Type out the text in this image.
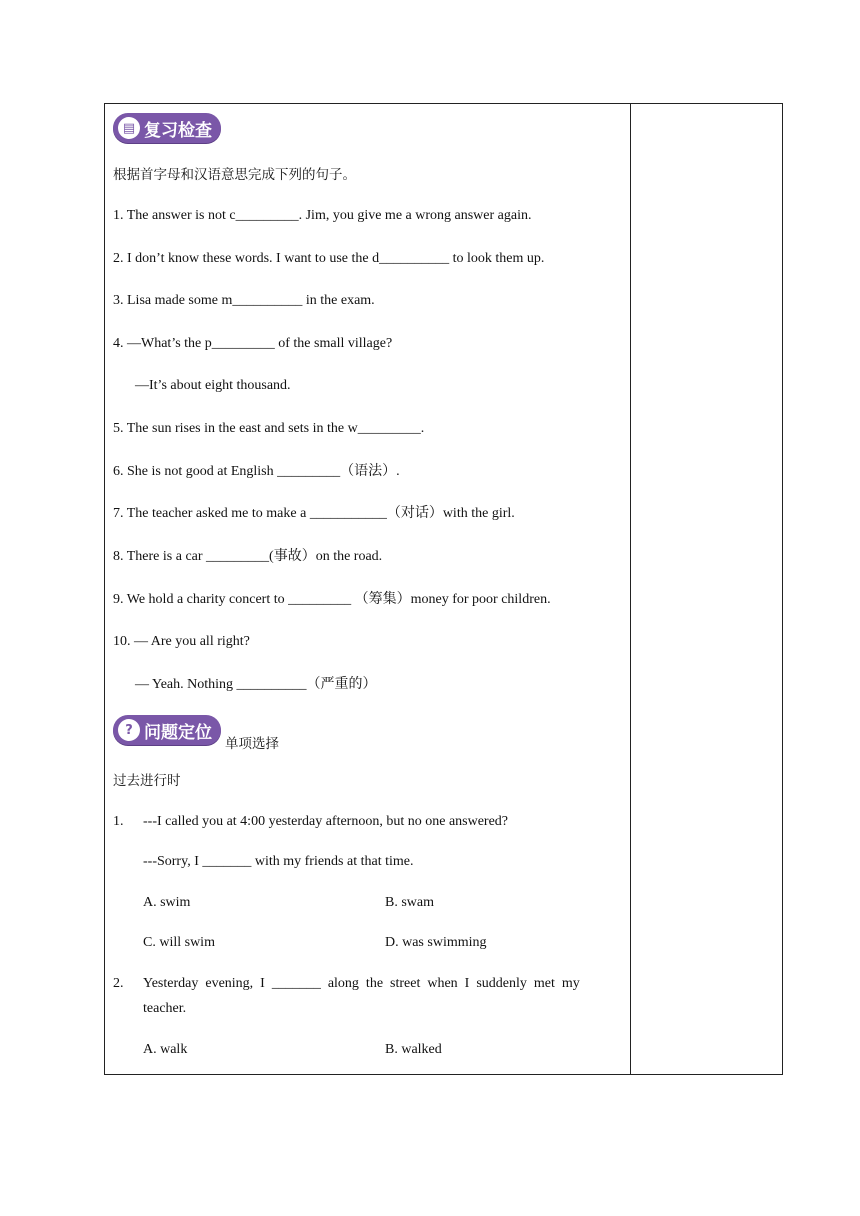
▤ 复习检查
根据首字母和汉语意思完成下列的句子。
1. The answer is not c_________. Jim, you give me a wrong answer again.
2. I don’t know these words. I want to use the d__________ to look them up.
3. Lisa made some m__________ in the exam.
4. —What’s the p_________ of the small village?
—It’s about eight thousand.
5. The sun rises in the east and sets in the w_________.
6. She is not good at English _________（语法）.
7. The teacher asked me to make a ___________（对话）with the girl.
8. There is a car _________(事故）on the road.
9. We hold a charity concert to _________ （筹集）money for poor children.
10. — Are you all right?
— Yeah. Nothing __________（严重的）
? 问题定位
单项选择
过去进行时
1. ---I called you at 4:00 yesterday afternoon, but no one answered?
---Sorry, I _______ with my friends at that time.
A. swim	B. swam
C. will swim	D. was swimming
2. Yesterday  evening,  I  _______  along  the  street  when  I  suddenly  met  my
teacher.
A. walk	B. walked
